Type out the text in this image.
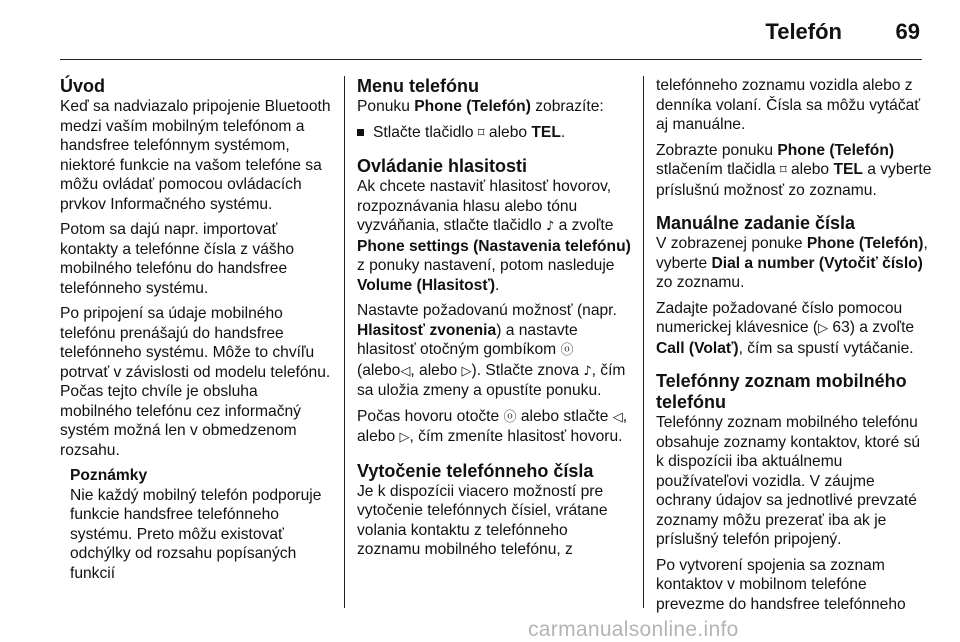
Telefón 69
Úvod

Keď sa nadviazalo pripojenie Bluetooth medzi vaším mobilným telefónom a handsfree telefónnym systémom, niektoré funkcie na vašom telefóne sa môžu ovládať pomocou ovládacích prvkov Informačného systému.

Potom sa dajú napr. importovať kontakty a telefónne čísla z vášho mobilného telefónu do handsfree telefónneho systému.

Po pripojení sa údaje mobilného telefónu prenášajú do handsfree telefónneho systému. Môže to chvíľu potrvať v závislosti od modelu telefónu. Počas tejto chvíle je obsluha mobilného telefónu cez informačný systém možná len v obmedzenom rozsahu.

Poznámky
Nie každý mobilný telefón podporuje funkcie handsfree telefónneho systému. Preto môžu existovať odchýlky od rozsahu popísaných funkcií
Menu telefónu

Ponuku Phone (Telefón) zobrazíte:

Stlačte tlačidlo ⌑ alebo TEL.
Ovládanie hlasitosti

Ak chcete nastaviť hlasitosť hovorov, rozpoznávania hlasu alebo tónu vyzváňania, stlačte tlačidlo ♪ a zvoľte Phone settings (Nastavenia telefónu) z ponuky nastavení, potom nasleduje Volume (Hlasitosť).

Nastavte požadovanú možnosť (napr. Hlasitosť zvonenia) a nastavte hlasitosť otočným gombíkom ⓞ (alebo◁, alebo ▷). Stlačte znova ♪, čím sa uložia zmeny a opustíte ponuku.

Počas hovoru otočte ⓞ alebo stlačte ◁, alebo ▷, čím zmeníte hlasitosť hovoru.

Vytočenie telefónneho čísla

Je k dispozícii viacero možností pre vytočenie telefónnych čísiel, vrátane volania kontaktu z telefónneho zoznamu mobilného telefónu, z

telefónneho zoznamu vozidla alebo z denníka volaní. Čísla sa môžu vytáčať aj manuálne.

Zobrazte ponuku Phone (Telefón) stlačením tlačidla ⌑ alebo TEL a vyberte príslušnú možnosť zo zoznamu.

Manuálne zadanie čísla

V zobrazenej ponuke Phone (Telefón), vyberte Dial a number (Vytočiť číslo) zo zoznamu.

Zadajte požadované číslo pomocou numerickej klávesnice (▷ 63) a zvoľte Call (Volať), čím sa spustí vytáčanie.

Telefónny zoznam mobilného telefónu

Telefónny zoznam mobilného telefónu obsahuje zoznamy kontaktov, ktoré sú k dispozícii iba aktuálnemu používateľovi vozidla. V záujme ochrany údajov sa jednotlivé prevzaté zoznamy môžu prezerať iba ak je príslušný telefón pripojený.

Po vytvorení spojenia sa zoznam kontaktov v mobilnom telefóne prevezme do handsfree telefónneho

carmanualsonline.info
